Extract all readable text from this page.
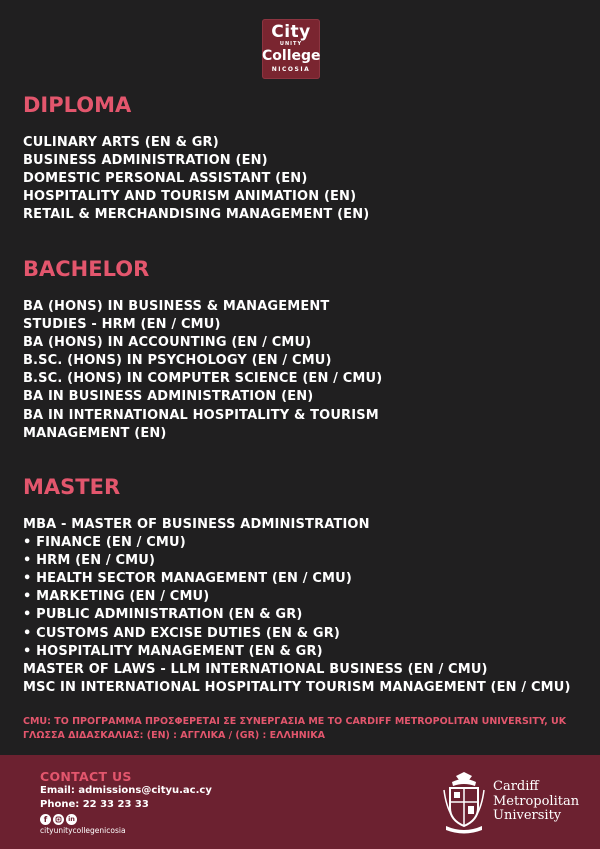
City
UNITY
College
NICOSIA
DIPLOMA
CULINARY ARTS (EN & GR)
BUSINESS ADMINISTRATION (EN)
DOMESTIC PERSONAL ASSISTANT (EN)
HOSPITALITY AND TOURISM ANIMATION (EN)
RETAIL & MERCHANDISING MANAGEMENT (EN)
BACHELOR
BA (HONS) IN BUSINESS & MANAGEMENT
STUDIES - HRM (EN / CMU)
BA (HONS) IN ACCOUNTING (EN / CMU)
B.SC. (HONS) IN PSYCHOLOGY (EN / CMU)
B.SC. (HONS) IN COMPUTER SCIENCE (EN / CMU)
BA IN BUSINESS ADMINISTRATION (EN)
BA IN INTERNATIONAL HOSPITALITY & TOURISM
MANAGEMENT (EN)
MASTER
MBA - MASTER OF BUSINESS ADMINISTRATION
• FINANCE (EN / CMU)
• HRM (EN / CMU)
• HEALTH SECTOR MANAGEMENT (EN / CMU)
• MARKETING (EN / CMU)
• PUBLIC ADMINISTRATION (EN & GR)
• CUSTOMS AND EXCISE DUTIES (EN & GR)
• HOSPITALITY MANAGEMENT (EN & GR)
MASTER OF LAWS - LLM INTERNATIONAL BUSINESS (EN / CMU)
MSC IN INTERNATIONAL HOSPITALITY TOURISM MANAGEMENT (EN / CMU)
CMU: ΤΟ ΠΡΟΓΡΑΜΜΑ ΠΡΟΣΦΕΡΕΤΑΙ ΣΕ ΣΥΝΕΡΓΑΣΙΑ ΜΕ ΤΟ CARDIFF METROPOLITAN UNIVERSITY, UK
ΓΛΩΣΣΑ ΔΙΔΑΣΚΑΛΙΑΣ: (EN) : ΑΓΓΛΙΚΑ / (GR) : ΕΛΛΗΝΙΚΑ
CONTACT US
Email: admissions@cityu.ac.cy
Phone: 22 33 23 33
f	in
cityunitycollegenicosia
Cardiff
Metropolitan
University
